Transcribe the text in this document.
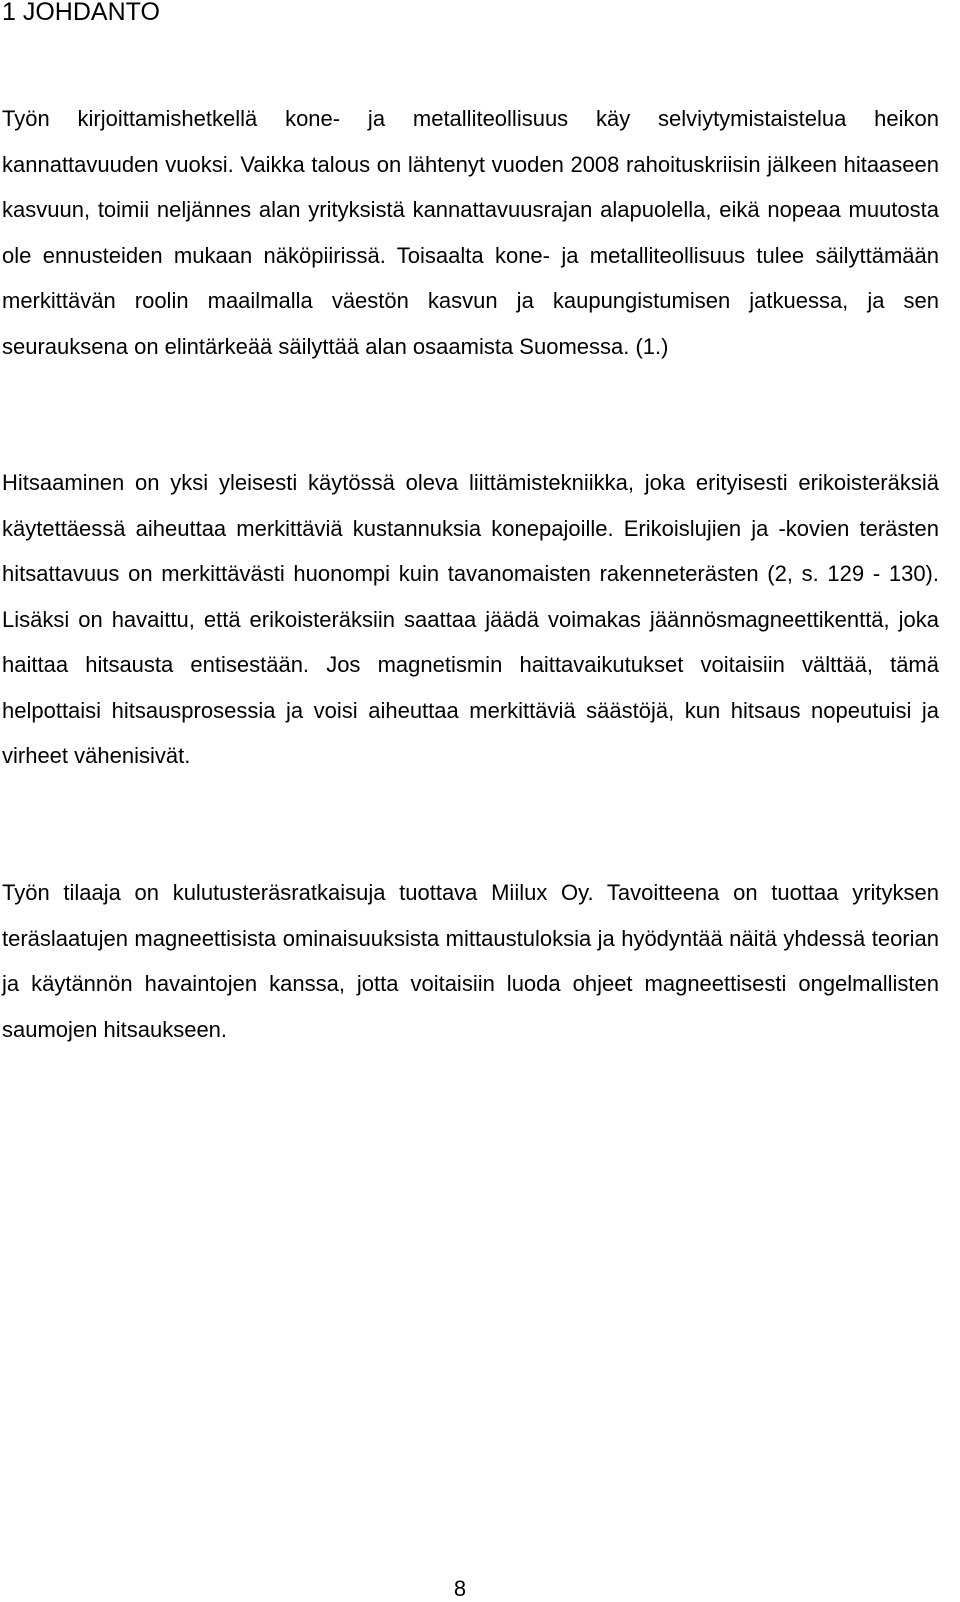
1 JOHDANTO

Työn kirjoittamishetkellä kone- ja metalliteollisuus käy selviytymistaistelua heikon kannattavuuden vuoksi. Vaikka talous on lähtenyt vuoden 2008 rahoituskriisin jälkeen hitaaseen kasvuun, toimii neljännes alan yrityksistä kannattavuusrajan alapuolella, eikä nopeaa muutosta ole ennusteiden mukaan näköpiirissä. Toisaalta kone- ja metalliteollisuus tulee säilyttämään merkittävän roolin maailmalla väestön kasvun ja kaupungistumisen jatkuessa, ja sen seurauksena on elintärkeää säilyttää alan osaamista Suomessa. (1.)

Hitsaaminen on yksi yleisesti käytössä oleva liittämistekniikka, joka erityisesti erikoisteräksiä käytettäessä aiheuttaa merkittäviä kustannuksia konepajoille. Erikoislujien ja -kovien terästen hitsattavuus on merkittävästi huonompi kuin tavanomaisten rakenneterästen (2, s. 129 - 130). Lisäksi on havaittu, että erikoisteräksiin saattaa jäädä voimakas jäännösmagneettikenttä, joka haittaa hitsausta entisestään. Jos magnetismin haittavaikutukset voitaisiin välttää, tämä helpottaisi hitsausprosessia ja voisi aiheuttaa merkittäviä säästöjä, kun hitsaus nopeutuisi ja virheet vähenisivät.

Työn tilaaja on kulutusteräsratkaisuja tuottava Miilux Oy. Tavoitteena on tuottaa yrityksen teräslaatujen magneettisista ominaisuuksista mittaustuloksia ja hyödyntää näitä yhdessä teorian ja käytännön havaintojen kanssa, jotta voitaisiin luoda ohjeet magneettisesti ongelmallisten saumojen hitsaukseen.

8
